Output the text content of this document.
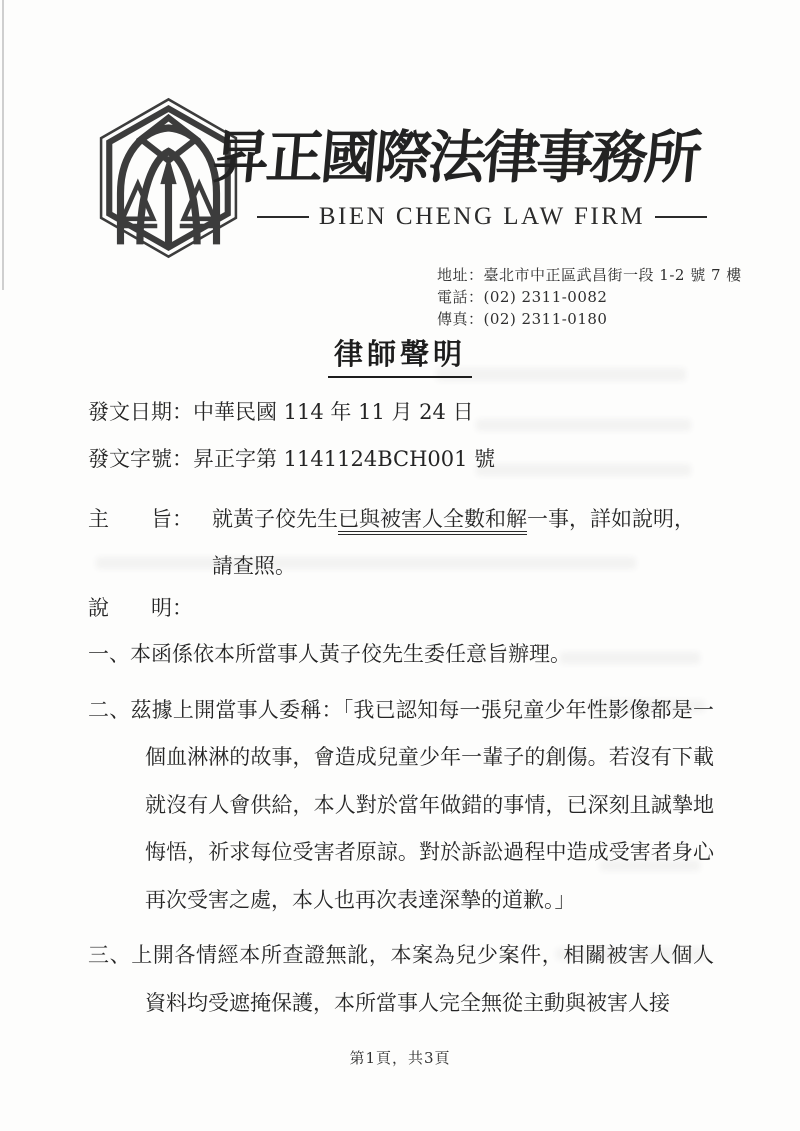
昇正國際法律事務所
BIEN CHENG LAW FIRM
地址：臺北市中正區武昌街一段 1-2 號 7 樓
電話：(02) 2311-0082
傳真：(02) 2311-0180
律師聲明
發文日期：中華民國 114 年 11 月 24 日
發文字號：昇正字第 1141124BCH001 號
主　　旨： 就黃子佼先生已與被害人全數和解一事，詳如說明，
請查照。
說　　明：
一、本函係依本所當事人黃子佼先生委任意旨辦理。
二、茲據上開當事人委稱：「我已認知每一張兒童少年性影像都是一個血淋淋的故事，會造成兒童少年一輩子的創傷。若沒有下載就沒有人會供給，本人對於當年做錯的事情，已深刻且誠摯地悔悟，祈求每位受害者原諒。對於訴訟過程中造成受害者身心再次受害之處，本人也再次表達深摯的道歉。」
三、上開各情經本所查證無訛，本案為兒少案件，相關被害人個人資料均受遮掩保護，本所當事人完全無從主動與被害人接
第1頁，共3頁
